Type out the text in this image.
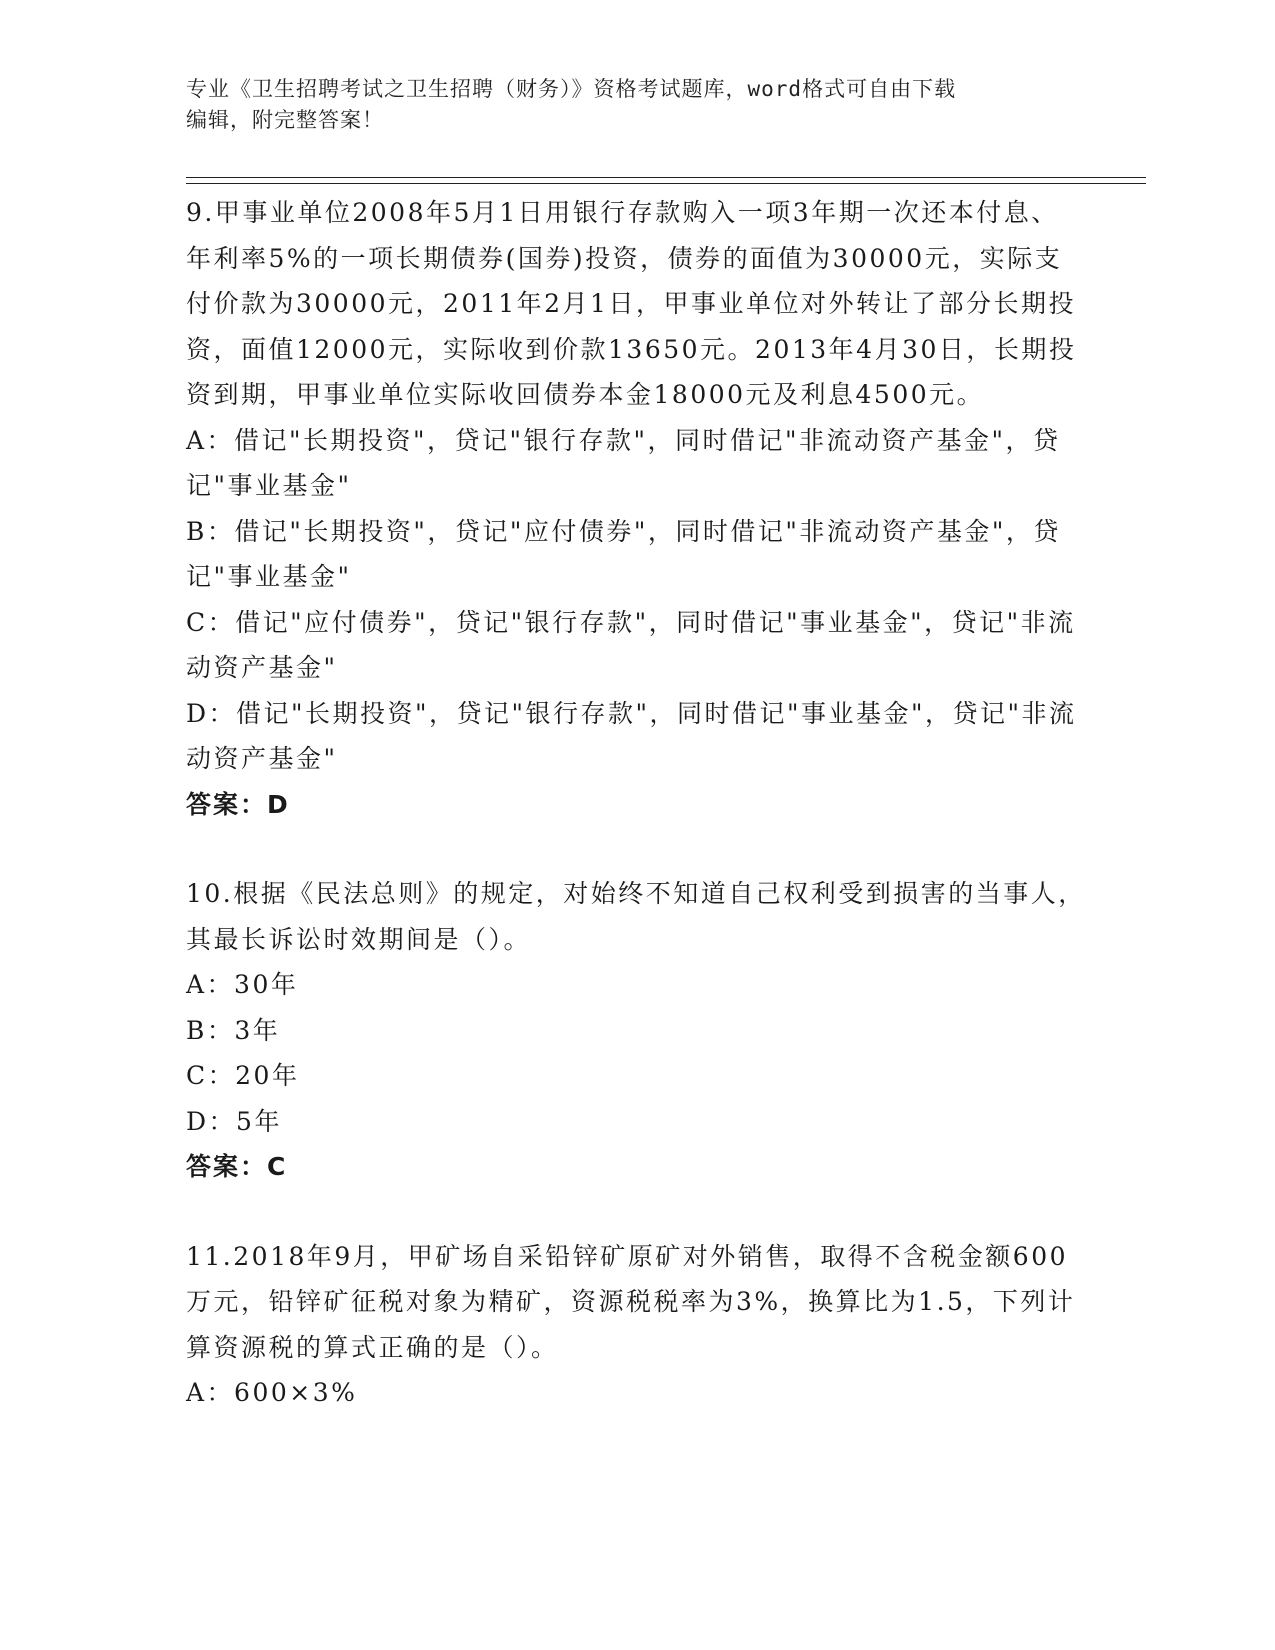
专业《卫生招聘考试之卫生招聘（财务）》资格考试题库，word格式可自由下载
编辑，附完整答案！

9.甲事业单位2008年5月1日用银行存款购入一项3年期一次还本付息、年利率5%的一项长期债券(国券)投资，债券的面值为30000元，实际支付价款为30000元，2011年2月1日，甲事业单位对外转让了部分长期投资，面值12000元，实际收到价款13650元。2013年4月30日，长期投资到期，甲事业单位实际收回债券本金18000元及利息4500元。

A：借记"长期投资"，贷记"银行存款"，同时借记"非流动资产基金"，贷记"事业基金"

B：借记"长期投资"，贷记"应付债券"，同时借记"非流动资产基金"，贷记"事业基金"

C：借记"应付债券"，贷记"银行存款"，同时借记"事业基金"，贷记"非流动资产基金"

D：借记"长期投资"，贷记"银行存款"，同时借记"事业基金"，贷记"非流动资产基金"

答案：D

10.根据《民法总则》的规定，对始终不知道自己权利受到损害的当事人，其最长诉讼时效期间是（）。

A：30年

B：3年

C：20年

D：5年

答案：C

11.2018年9月，甲矿场自采铅锌矿原矿对外销售，取得不含税金额600万元，铅锌矿征税对象为精矿，资源税税率为3%，换算比为1.5，下列计算资源税的算式正确的是（）。

A：600×3%
